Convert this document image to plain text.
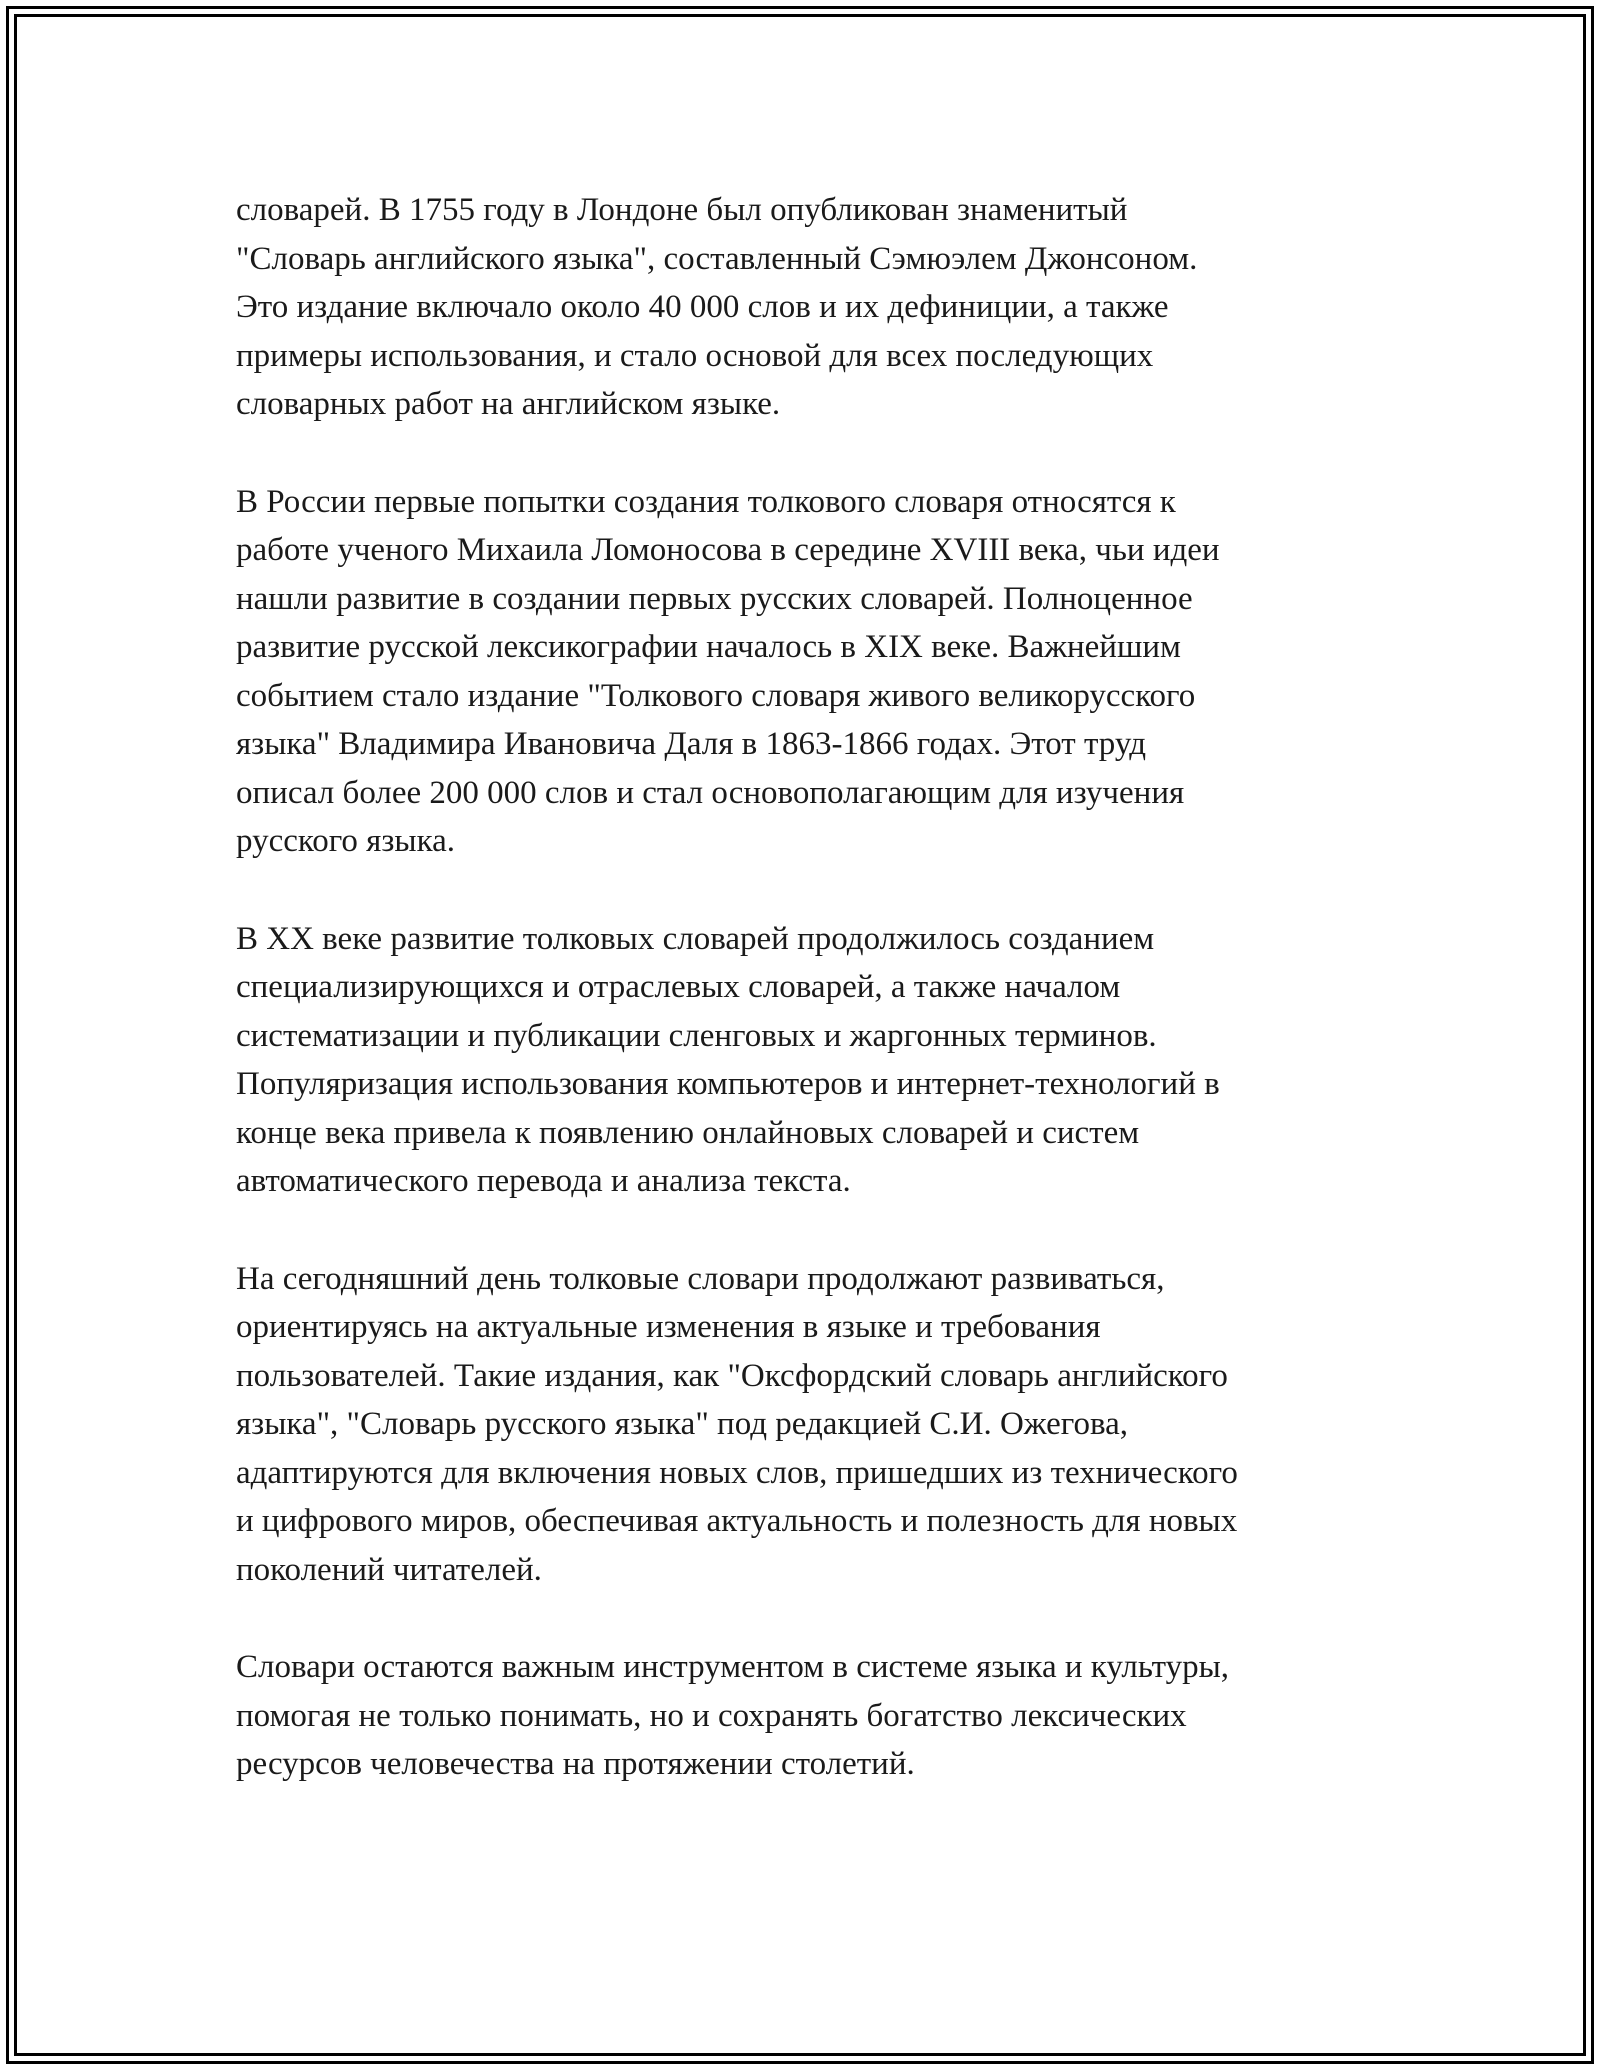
словарей. В 1755 году в Лондоне был опубликован знаменитый
"Словарь английского языка", составленный Сэмюэлем Джонсоном.
Это издание включало около 40 000 слов и их дефиниции, а также
примеры использования, и стало основой для всех последующих
словарных работ на английском языке.

В России первые попытки создания толкового словаря относятся к
работе ученого Михаила Ломоносова в середине XVIII века, чьи идеи
нашли развитие в создании первых русских словарей. Полноценное
развитие русской лексикографии началось в XIX веке. Важнейшим
событием стало издание "Толкового словаря живого великорусского
языка" Владимира Ивановича Даля в 1863-1866 годах. Этот труд
описал более 200 000 слов и стал основополагающим для изучения
русского языка.

В XX веке развитие толковых словарей продолжилось созданием
специализирующихся и отраслевых словарей, а также началом
систематизации и публикации сленговых и жаргонных терминов.
Популяризация использования компьютеров и интернет-технологий в
конце века привела к появлению онлайновых словарей и систем
автоматического перевода и анализа текста.

На сегодняшний день толковые словари продолжают развиваться,
ориентируясь на актуальные изменения в языке и требования
пользователей. Такие издания, как "Оксфордский словарь английского
языка", "Словарь русского языка" под редакцией С.И. Ожегова,
адаптируются для включения новых слов, пришедших из технического
и цифрового миров, обеспечивая актуальность и полезность для новых
поколений читателей.

Словари остаются важным инструментом в системе языка и культуры,
помогая не только понимать, но и сохранять богатство лексических
ресурсов человечества на протяжении столетий.
